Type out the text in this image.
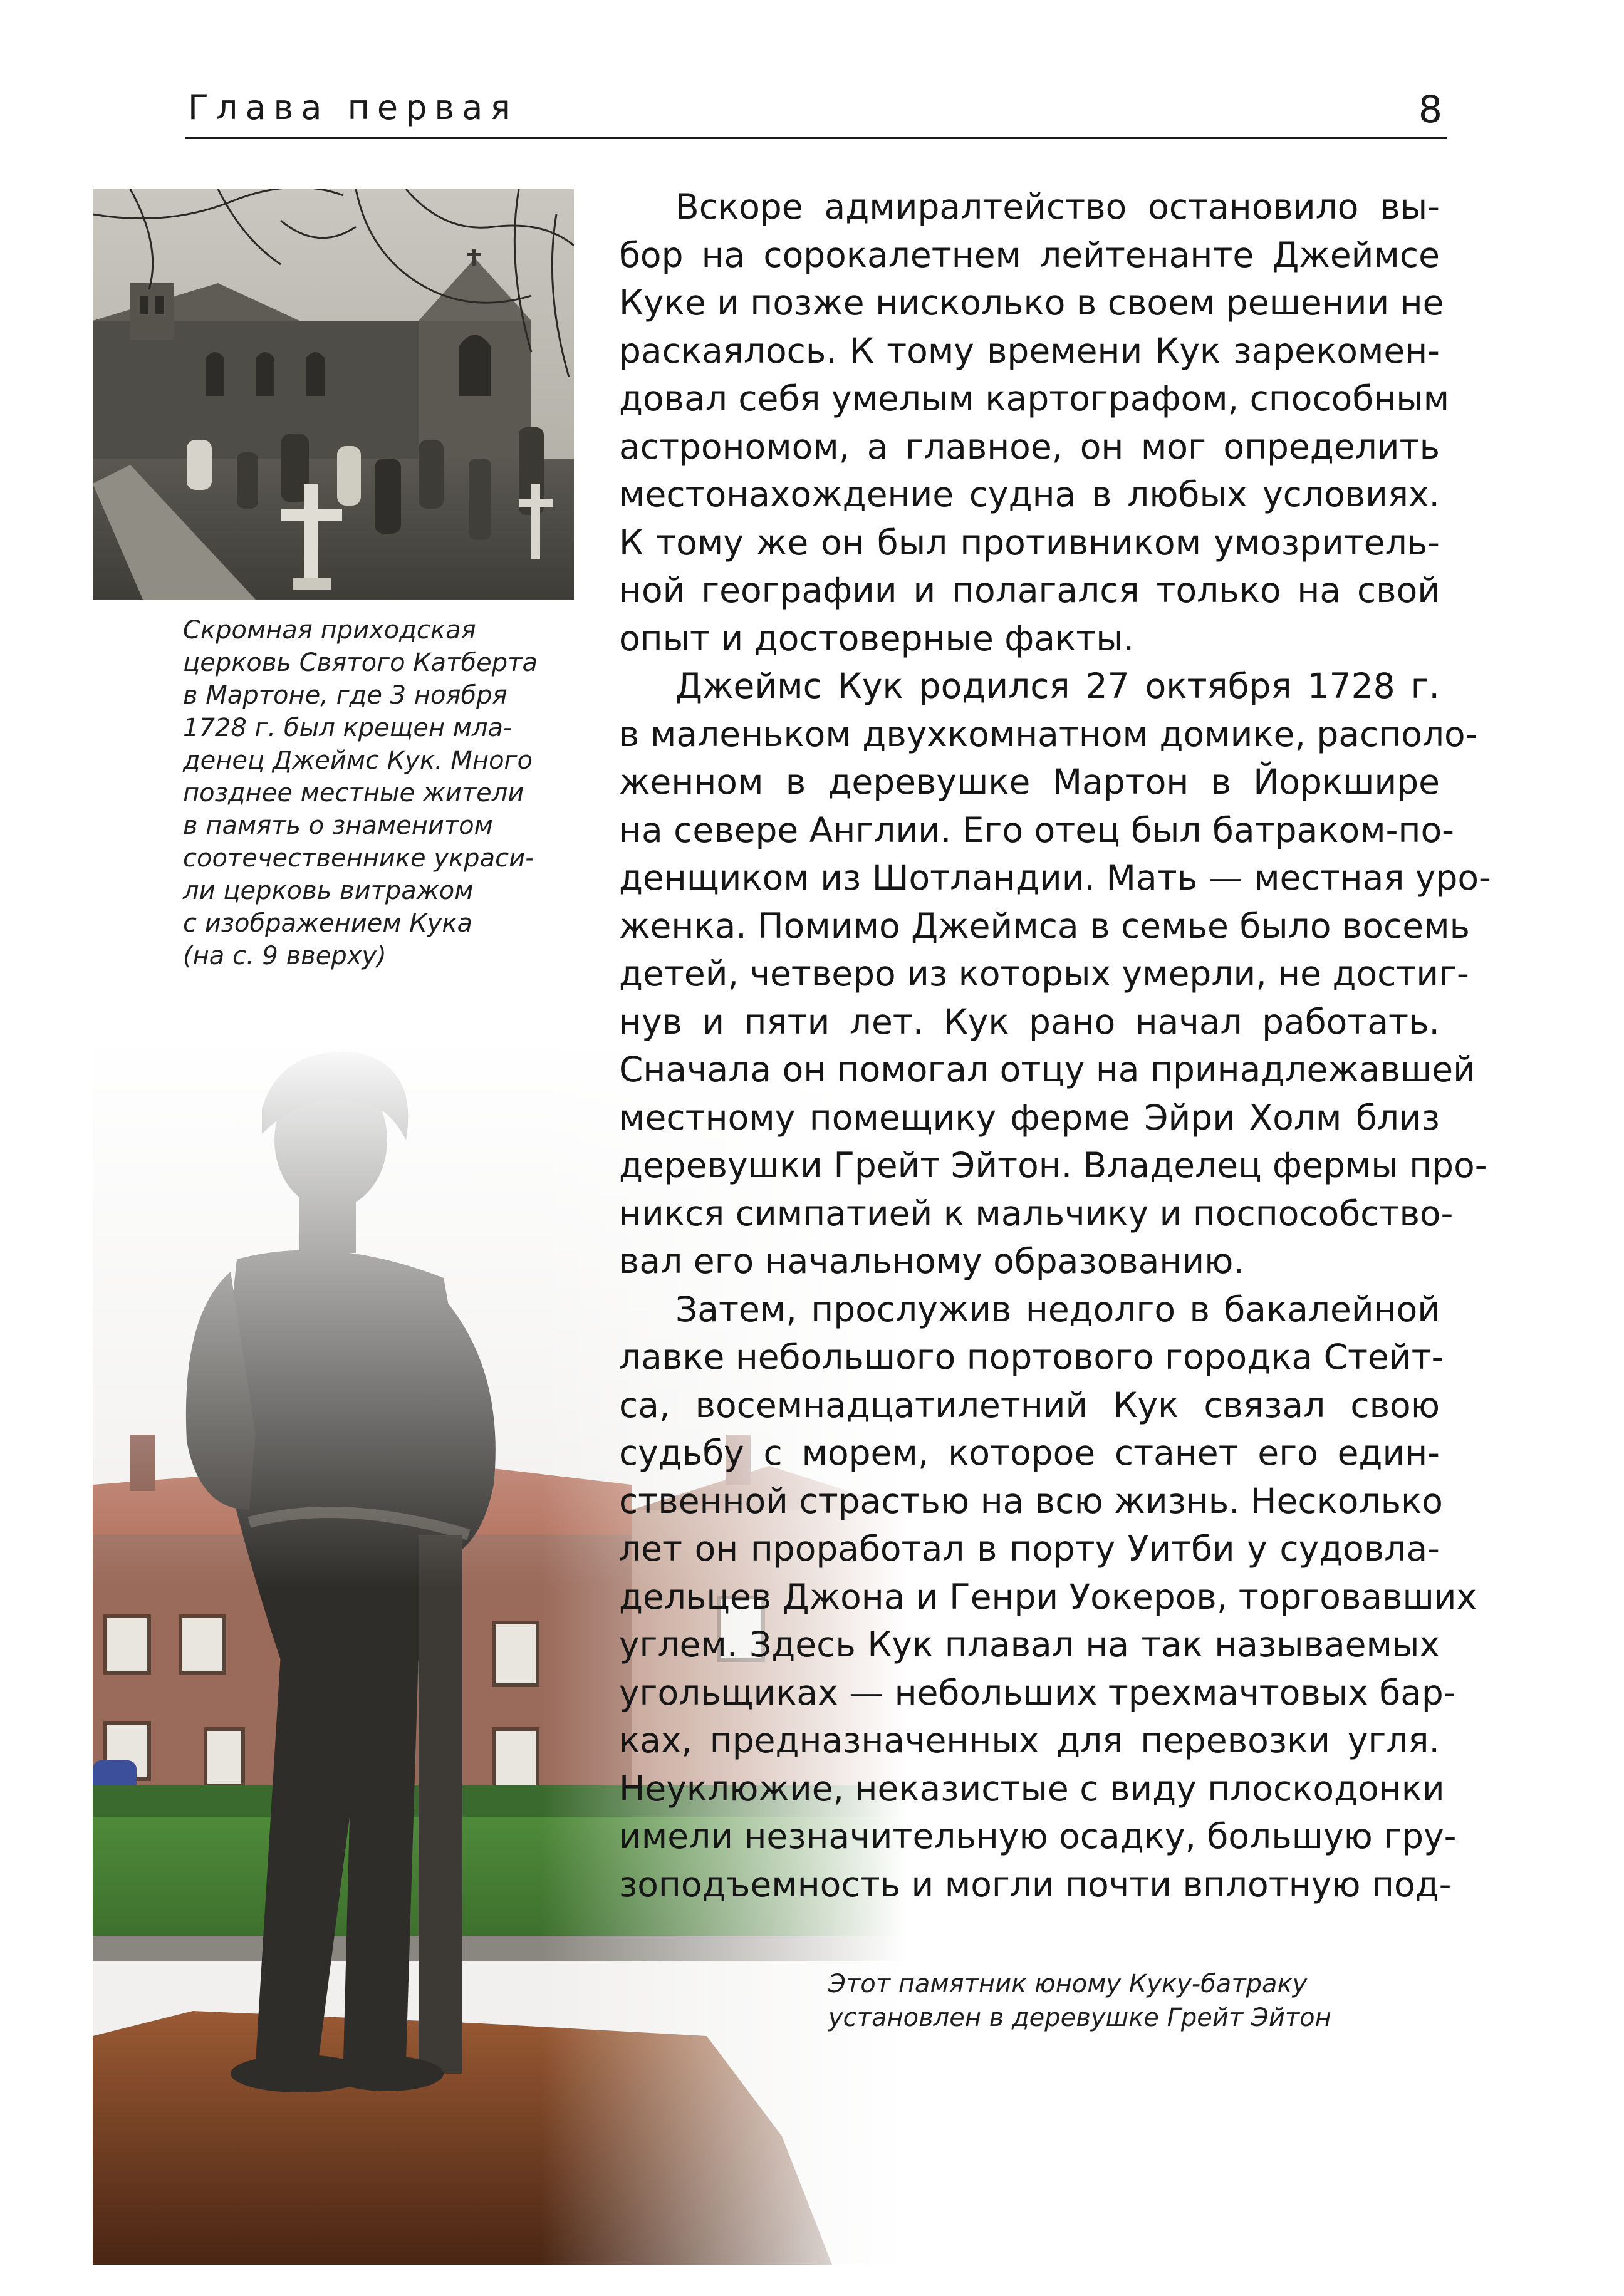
Глава первая	8
Скромная приходская
церковь Святого Катберта
в Мартоне, где 3 ноября
1728 г. был крещен мла-
денец Джеймс Кук. Много
позднее местные жители
в память о знаменитом
соотечественнике украси-
ли церковь витражом
с изображением Кука
(на с. 9 вверху)
Вскоре адмиралтейство остановило вы-
бор на сорокалетнем лейтенанте Джеймсе
Куке и позже нисколько в своем решении не
раскаялось. К тому времени Кук зарекомен-
довал себя умелым картографом, способным
астрономом, а главное, он мог определить
местонахождение судна в любых условиях.
К тому же он был противником умозритель-
ной географии и полагался только на свой
опыт и достоверные факты.
Джеймс Кук родился 27 октября 1728 г.
в маленьком двухкомнатном домике, располо-
женном в деревушке Мартон в Йоркшире
на севере Англии. Его отец был батраком-по-
денщиком из Шотландии. Мать — местная уро-
женка. Помимо Джеймса в семье было восемь
детей, четверо из которых умерли, не достиг-
нув и пяти лет. Кук рано начал работать.
Сначала он помогал отцу на принадлежавшей
местному помещику ферме Эйри Холм близ
деревушки Грейт Эйтон. Владелец фермы про-
никся симпатией к мальчику и поспособство-
вал его начальному образованию.
Затем, прослужив недолго в бакалейной
лавке небольшого портового городка Стейт-
са, восемнадцатилетний Кук связал свою
судьбу с морем, которое станет его един-
ственной страстью на всю жизнь. Несколько
лет он проработал в порту Уитби у судовла-
дельцев Джона и Генри Уокеров, торговавших
углем. Здесь Кук плавал на так называемых
угольщиках — небольших трехмачтовых бар-
ках, предназначенных для перевозки угля.
Неуклюжие, неказистые с виду плоскодонки
имели незначительную осадку, большую гру-
зоподъемность и могли почти вплотную под-
Этот памятник юному Куку-батраку
установлен в деревушке Грейт Эйтон
